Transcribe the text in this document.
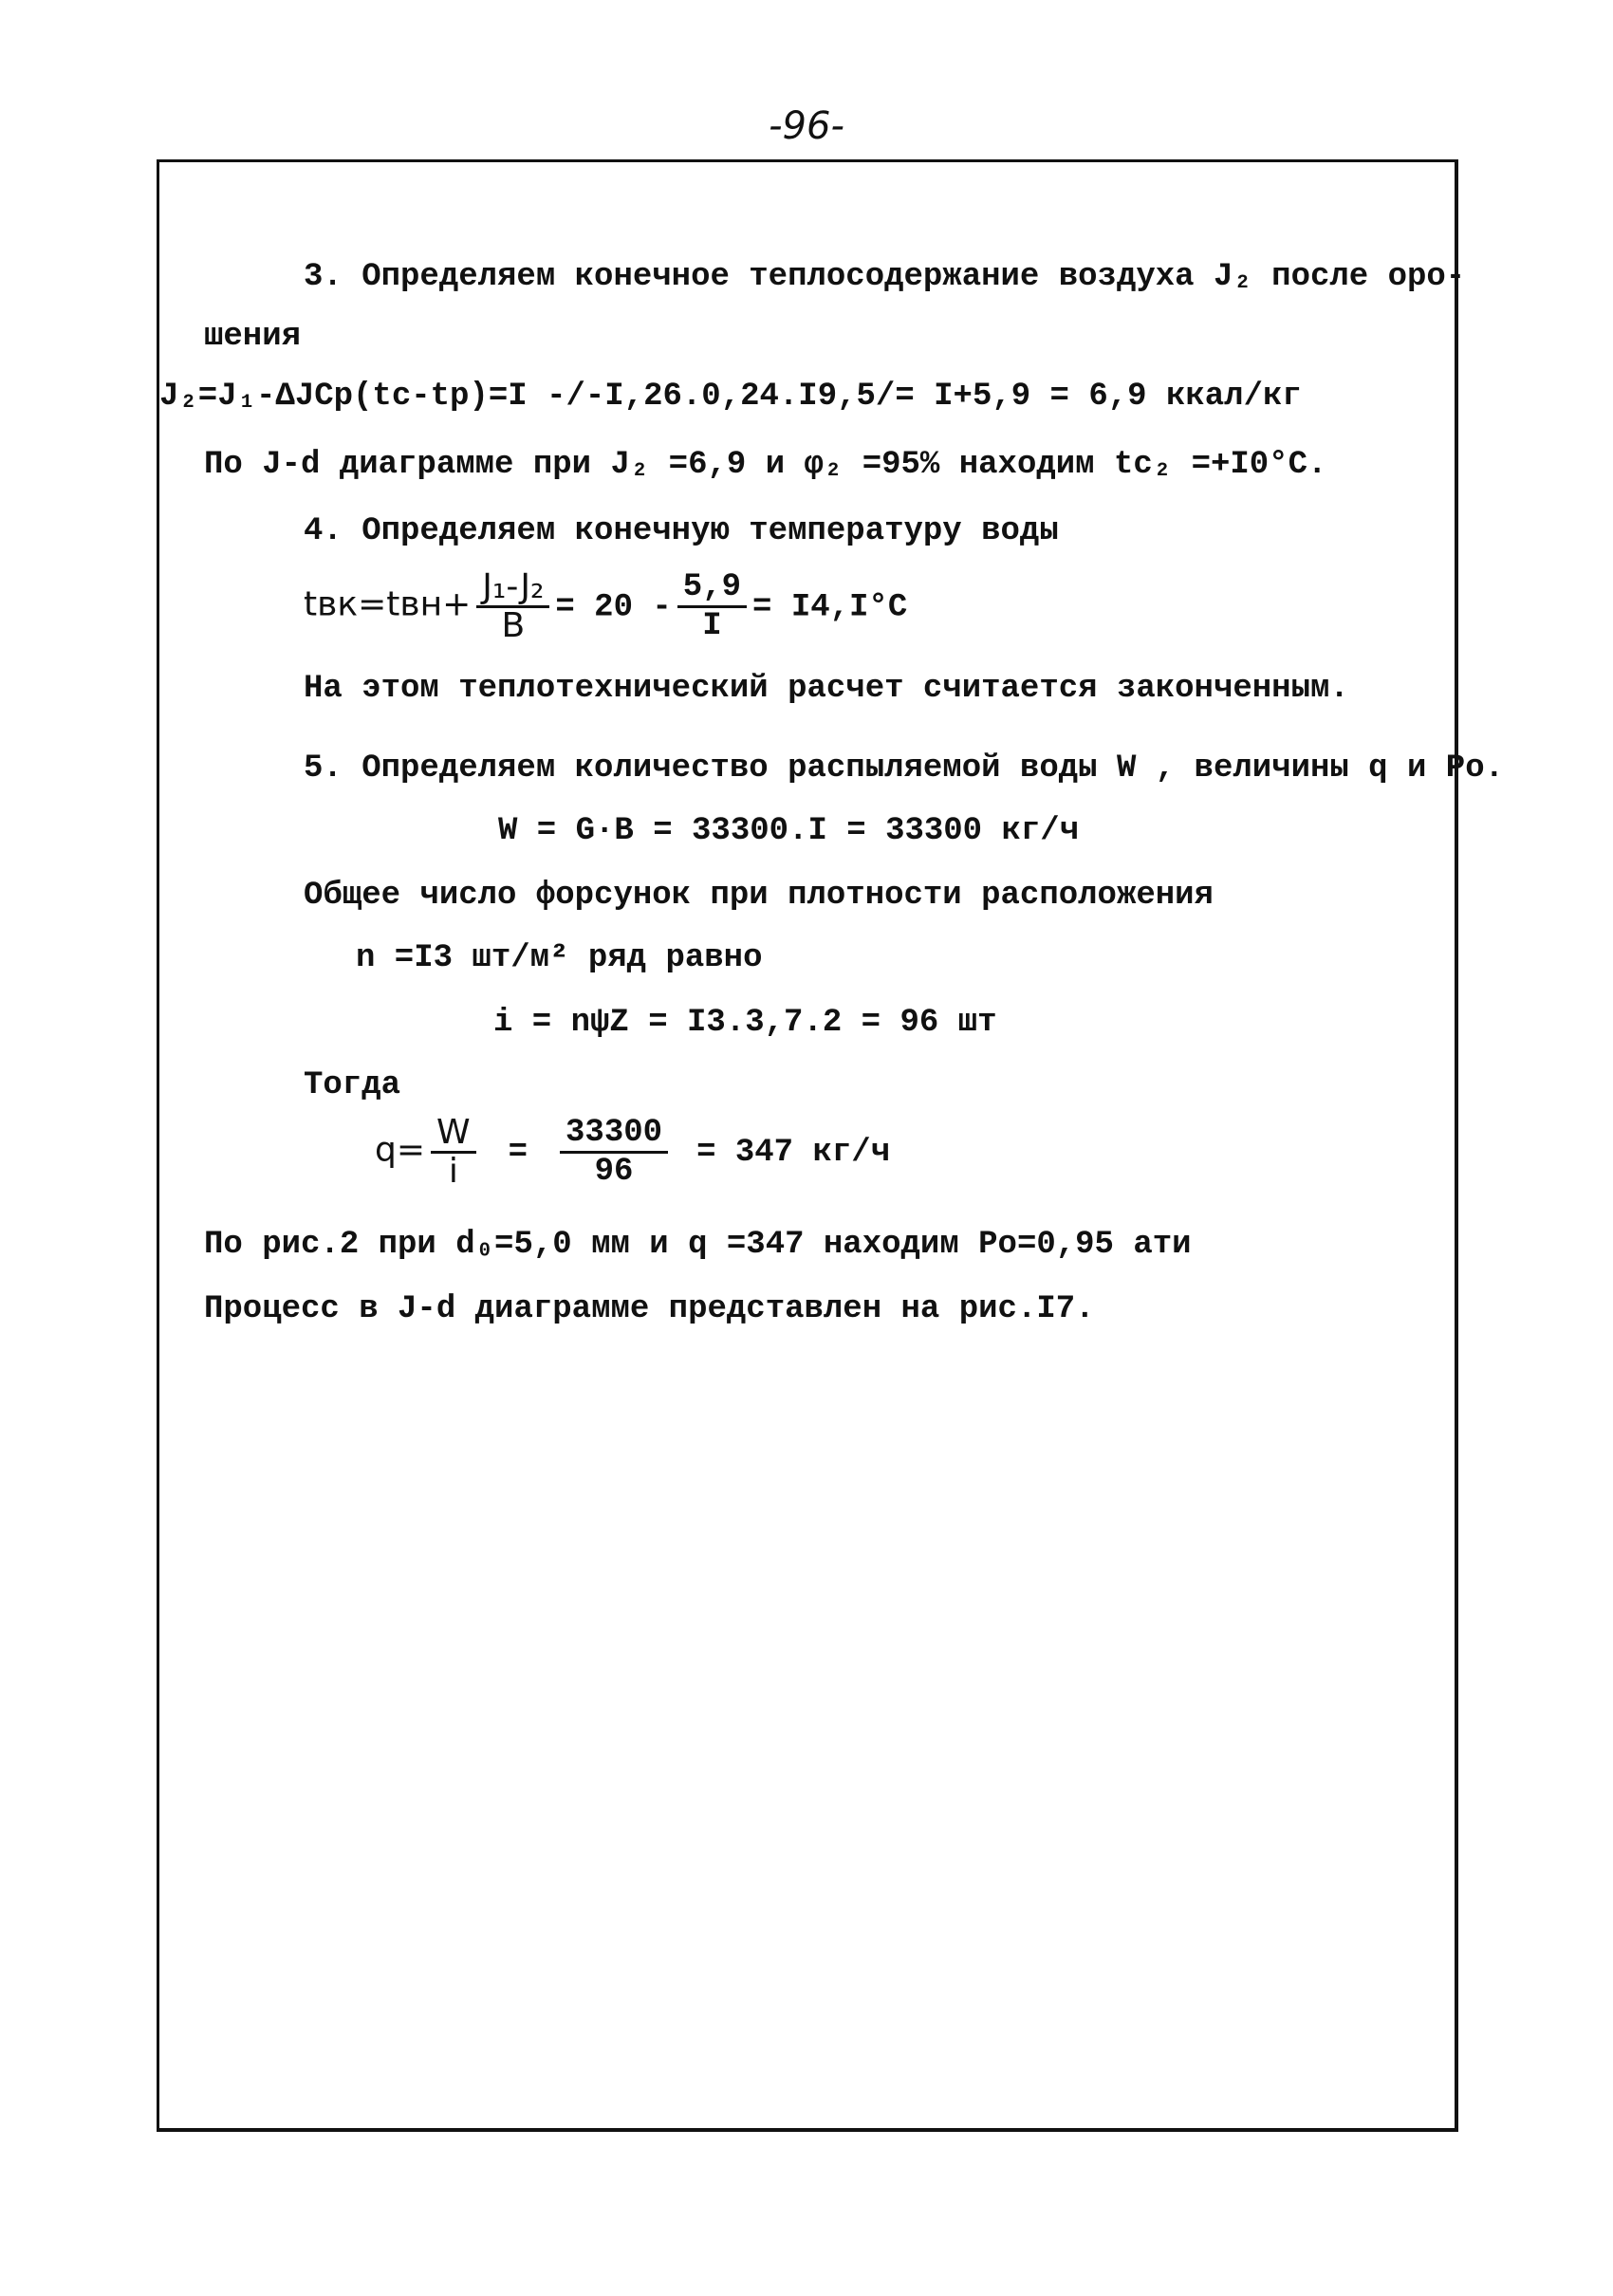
-96-
3. Определяем конечное теплосодержание воздуха J₂ после оро-
шения
J₂=J₁-ΔJCp(tc-tp)=I -/-I,26.0,24.I9,5/= I+5,9 = 6,9 ккал/кг
По J-d диаграмме при J₂ =6,9 и φ₂ =95% находим tc₂ =+I0°C.
4. Определяем конечную температуру воды
$tвк=tвн+ \frac{\text{J₁-J₂}}{B} = 20 - \frac{5,9}{I} = I4,I^\circ C$
На этом теплотехнический расчет считается законченным.
5. Определяем количество распыляемой воды W , величины q и Pо.
W = G·B = 33300.I = 33300 кг/ч
Общее число форсунок при плотности расположения
n =I3 шт/м² ряд равно
i = nψZ = I3.3,7.2 = 96 шт
Тогда
$q= \frac{W}{i} = \frac{33300}{96} = 347$ кг/ч
По рис.2 при d₀=5,0 мм и q =347 находим Po=0,95 ати
Процесс в J-d диаграмме представлен на рис.I7.
